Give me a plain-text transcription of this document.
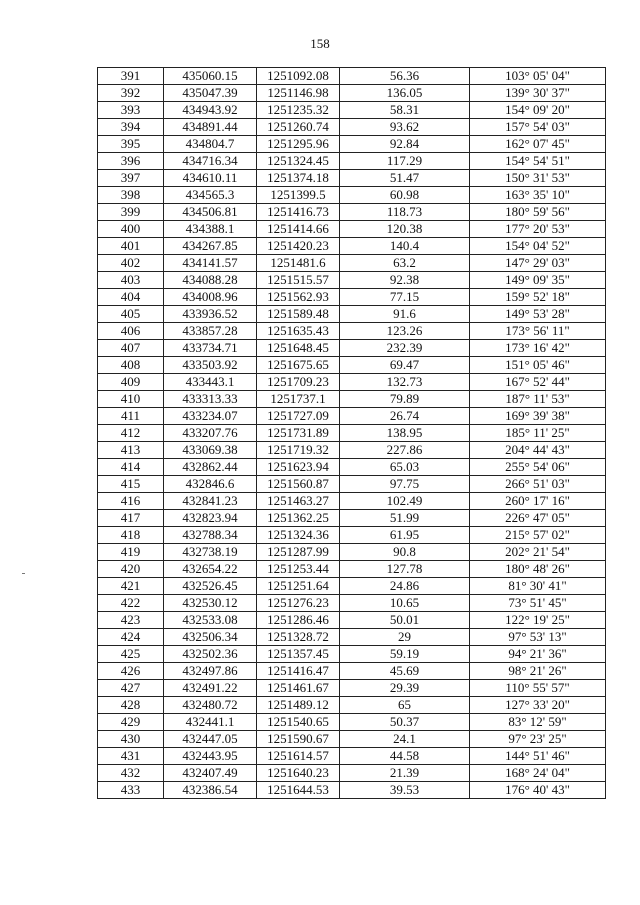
158
391	435060.15	1251092.08	56.36	103° 05' 04"
392	435047.39	1251146.98	136.05	139° 30' 37"
393	434943.92	1251235.32	58.31	154° 09' 20"
394	434891.44	1251260.74	93.62	157° 54' 03"
395	434804.7	1251295.96	92.84	162° 07' 45"
396	434716.34	1251324.45	117.29	154° 54' 51"
397	434610.11	1251374.18	51.47	150° 31' 53"
398	434565.3	1251399.5	60.98	163° 35' 10"
399	434506.81	1251416.73	118.73	180° 59' 56"
400	434388.1	1251414.66	120.38	177° 20' 53"
401	434267.85	1251420.23	140.4	154° 04' 52"
402	434141.57	1251481.6	63.2	147° 29' 03"
403	434088.28	1251515.57	92.38	149° 09' 35"
404	434008.96	1251562.93	77.15	159° 52' 18"
405	433936.52	1251589.48	91.6	149° 53' 28"
406	433857.28	1251635.43	123.26	173° 56' 11"
407	433734.71	1251648.45	232.39	173° 16' 42"
408	433503.92	1251675.65	69.47	151° 05' 46"
409	433443.1	1251709.23	132.73	167° 52' 44"
410	433313.33	1251737.1	79.89	187° 11' 53"
411	433234.07	1251727.09	26.74	169° 39' 38"
412	433207.76	1251731.89	138.95	185° 11' 25"
413	433069.38	1251719.32	227.86	204° 44' 43"
414	432862.44	1251623.94	65.03	255° 54' 06"
415	432846.6	1251560.87	97.75	266° 51' 03"
416	432841.23	1251463.27	102.49	260° 17' 16"
417	432823.94	1251362.25	51.99	226° 47' 05"
418	432788.34	1251324.36	61.95	215° 57' 02"
419	432738.19	1251287.99	90.8	202° 21' 54"
420	432654.22	1251253.44	127.78	180° 48' 26"
421	432526.45	1251251.64	24.86	81° 30' 41"
422	432530.12	1251276.23	10.65	73° 51' 45"
423	432533.08	1251286.46	50.01	122° 19' 25"
424	432506.34	1251328.72	29	97° 53' 13"
425	432502.36	1251357.45	59.19	94° 21' 36"
426	432497.86	1251416.47	45.69	98° 21' 26"
427	432491.22	1251461.67	29.39	110° 55' 57"
428	432480.72	1251489.12	65	127° 33' 20"
429	432441.1	1251540.65	50.37	83° 12' 59"
430	432447.05	1251590.67	24.1	97° 23' 25"
431	432443.95	1251614.57	44.58	144° 51' 46"
432	432407.49	1251640.23	21.39	168° 24' 04"
433	432386.54	1251644.53	39.53	176° 40' 43"
